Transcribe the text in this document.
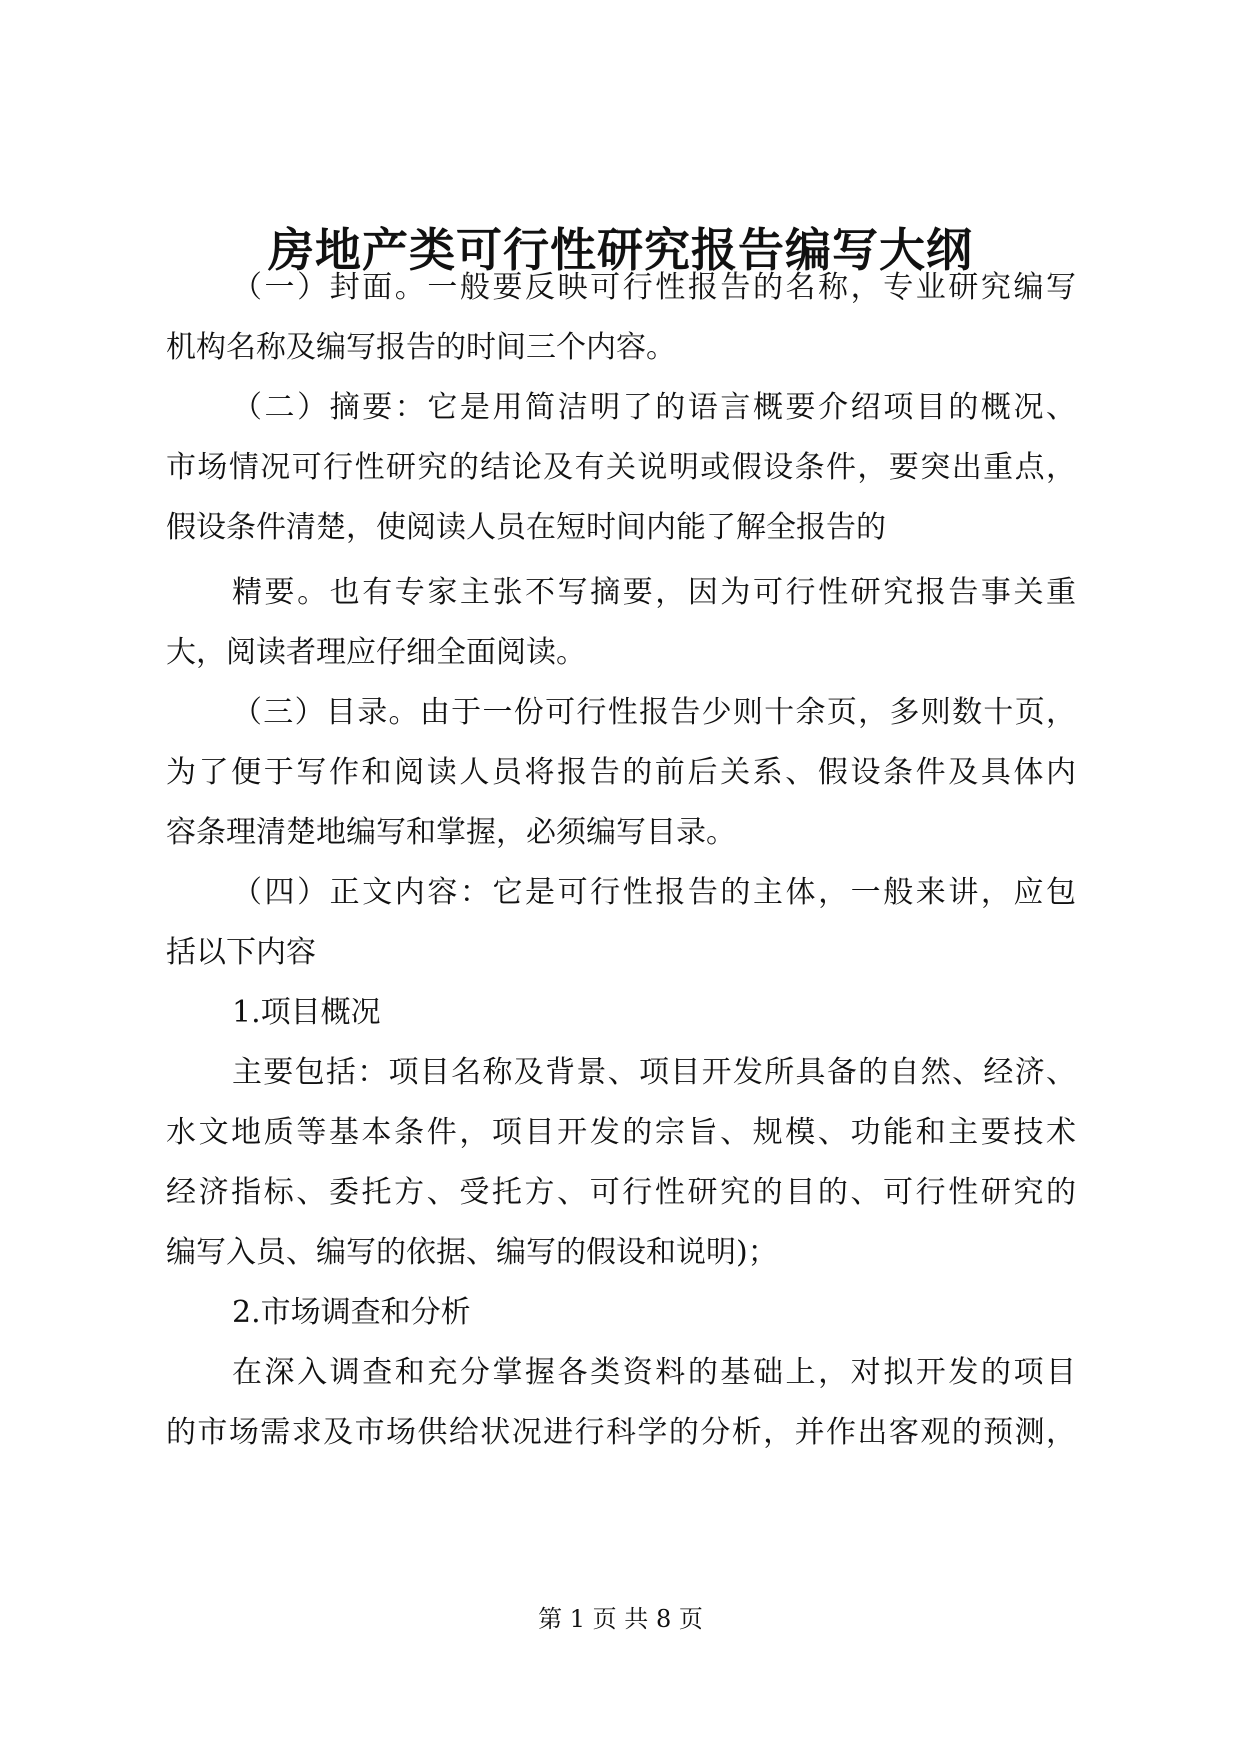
房地产类可行性研究报告编写大纲

（一）封面。一般要反映可行性报告的名称，专业研究编写

机构名称及编写报告的时间三个内容。

（二）摘要：它是用简洁明了的语言概要介绍项目的概况、

市场情况可行性研究的结论及有关说明或假设条件，要突出重点，

假设条件清楚，使阅读人员在短时间内能了解全报告的

精要。也有专家主张不写摘要，因为可行性研究报告事关重

大，阅读者理应仔细全面阅读。

（三）目录。由于一份可行性报告少则十余页，多则数十页，

为了便于写作和阅读人员将报告的前后关系、假设条件及具体内

容条理清楚地编写和掌握，必须编写目录。

（四）正文内容：它是可行性报告的主体，一般来讲，应包

括以下内容

1.项目概况

主要包括：项目名称及背景、项目开发所具备的自然、经济、

水文地质等基本条件，项目开发的宗旨、规模、功能和主要技术

经济指标、委托方、受托方、可行性研究的目的、可行性研究的

编写入员、编写的依据、编写的假设和说明)；

2.市场调查和分析

在深入调查和充分掌握各类资料的基础上，对拟开发的项目

的市场需求及市场供给状况进行科学的分析，并作出客观的预测，

第 1 页 共 8 页
